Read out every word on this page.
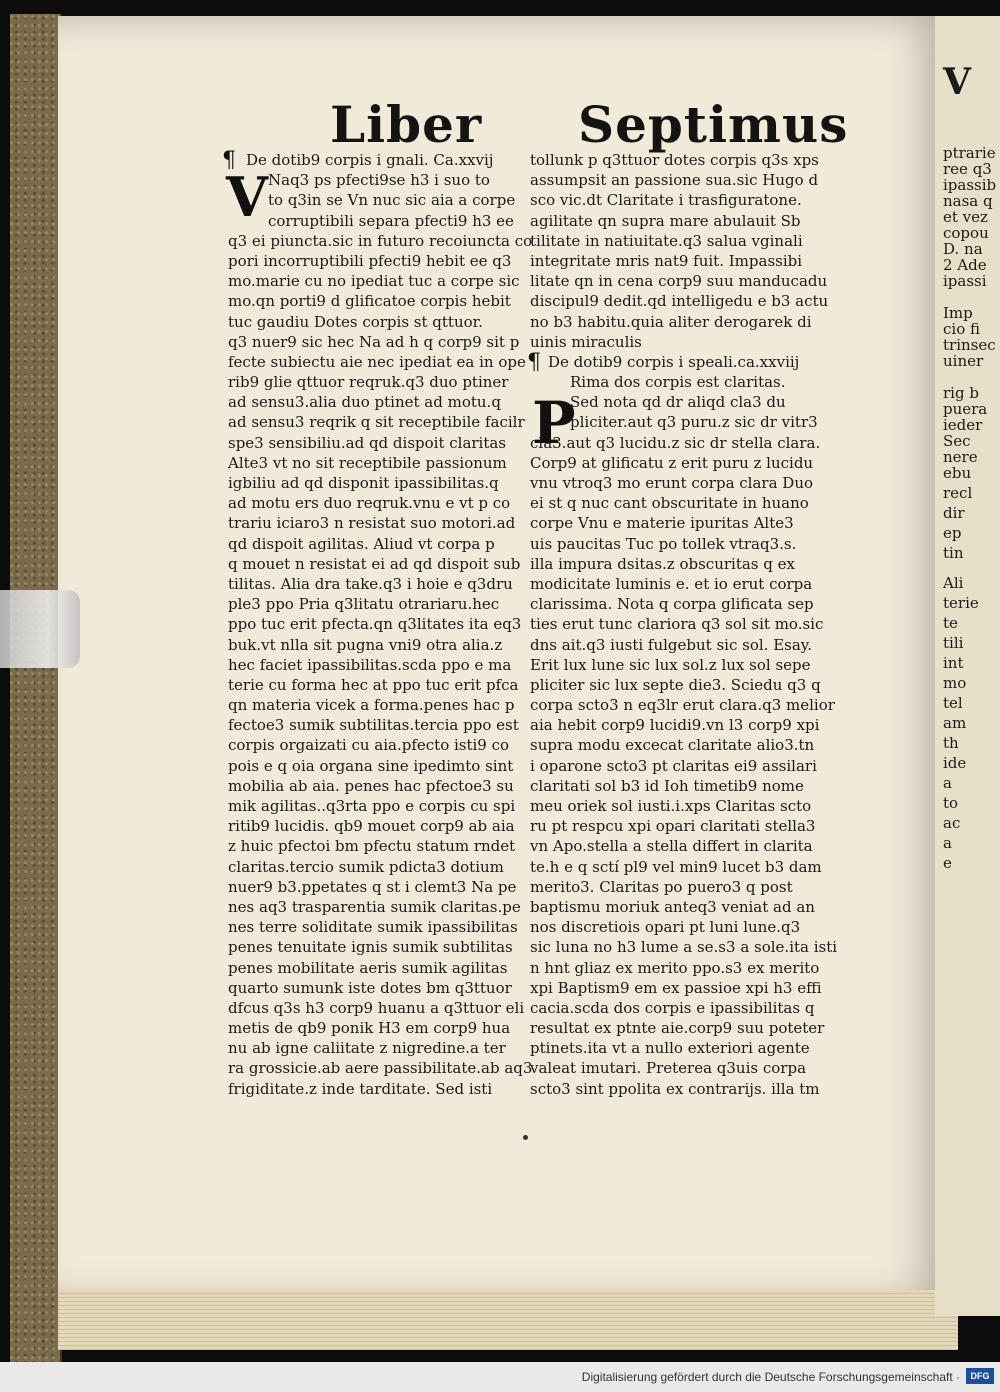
Liber Septimus
De dotib9 corpis i gnali. Ca.xxvij
Naq3 ps pfecti9se h3 i suo to
to q3in se Vn nuc sic aia a corpe
corruptibili separa pfecti9 h3 ee
q3 ei piuncta.sic in futuro recoiuncta co
pori incorruptibili pfecti9 hebit ee q3
mo.marie cu no ipediat tuc a corpe sic
mo.qn porti9 d glificatoe corpis hebit
tuc gaudiu Dotes corpis st qttuor.
q3 nuer9 sic hec Na ad h q corp9 sit p
fecte subiectu aie nec ipediat ea in ope
rib9 glie qttuor reqruk.q3 duo ptiner
ad sensu3.alia duo ptinet ad motu.q
ad sensu3 reqrik q sit receptibile facilr
spe3 sensibiliu.ad qd dispoit claritas
Alte3 vt no sit receptibile passionum
igbiliu ad qd disponit ipassibilitas.q
ad motu ers duo reqruk.vnu e vt p co
trariu iciaro3 n resistat suo motori.ad
qd dispoit agilitas. Aliud vt corpa p
q mouet n resistat ei ad qd dispoit sub
tilitas. Alia dra take.q3 i hoie e q3dru
ple3 ppo Pria q3litatu otrariaru.hec
ppo tuc erit pfecta.qn q3litates ita eq3
buk.vt nlla sit pugna vni9 otra alia.z
hec faciet ipassibilitas.scda ppo e ma
terie cu forma hec at ppo tuc erit pfca
qn materia vicek a forma.penes hac p
fectoe3 sumik subtilitas.tercia ppo est
corpis orgaizati cu aia.pfecto isti9 co
pois e q oia organa sine ipedimto sint
mobilia ab aia. penes hac pfectoe3 su
mik agilitas..q3rta ppo e corpis cu spi
ritib9 lucidis. qb9 mouet corp9 ab aia
z huic pfectoi bm pfectu statum rndet
claritas.tercio sumik pdicta3 dotium
nuer9 b3.ppetates q st i clemt3 Na pe
nes aq3 trasparentia sumik claritas.pe
nes terre soliditate sumik ipassibilitas
penes tenuitate ignis sumik subtilitas
penes mobilitate aeris sumik agilitas
quarto sumunk iste dotes bm q3ttuor
dfcus q3s h3 corp9 huanu a q3ttuor eli
metis de qb9 ponik H3 em corp9 hua
nu ab igne caliitate z nigredine.a ter
ra grossicie.ab aere passibilitate.ab aq3
frigiditate.z inde tarditate. Sed isti
tollunk p q3ttuor dotes corpis q3s xps
assumpsit an passione sua.sic Hugo d
sco vic.dt Claritate i trasfiguratone.
agilitate qn supra mare abulauit Sb
tilitate in natiuitate.q3 salua vginali
integritate mris nat9 fuit. Impassibi
litate qn in cena corp9 suu manducadu
discipul9 dedit.qd intelligedu e b3 actu
no b3 habitu.quia aliter derogarek di
uinis miraculis
De dotib9 corpis i speali.ca.xxviij
Rima dos corpis est claritas.
Sed nota qd dr aliqd cla3 du
pliciter.aut q3 puru.z sic dr vitr3
cla3.aut q3 lucidu.z sic dr stella clara.
Corp9 at glificatu z erit puru z lucidu
vnu vtroq3 mo erunt corpa clara Duo
ei st q nuc cant obscuritate in huano
corpe Vnu e materie ipuritas Alte3
uis paucitas Tuc po tollek vtraq3.s.
illa impura dsitas.z obscuritas q ex
modicitate luminis e. et io erut corpa
clarissima. Nota q corpa glificata sep
ties erut tunc clariora q3 sol sit mo.sic
dns ait.q3 iusti fulgebut sic sol. Esay.
Erit lux lune sic lux sol.z lux sol sepe
pliciter sic lux septe die3. Sciedu q3 q
corpa scto3 n eq3lr erut clara.q3 melior
aia hebit corp9 lucidi9.vn l3 corp9 xpi
supra modu excecat claritate alio3.tn
i oparone scto3 pt claritas ei9 assilari
claritati sol b3 id Ioh timetib9 nome
meu oriek sol iusti.i.xps Claritas scto
ru pt respcu xpi opari claritati stella3
vn Apo.stella a stella differt in clarita
te.h e q sctí pl9 vel min9 lucet b3 dam
merito3. Claritas po puero3 q post
baptismu moriuk anteq3 veniat ad an
nos discretiois opari pt luni lune.q3
sic luna no h3 lume a se.s3 a sole.ita isti
n hnt gliaz ex merito ppo.s3 ex merito
xpi Baptism9 em ex passioe xpi h3 effi
cacia.scda dos corpis e ipassibilitas q
resultat ex ptnte aie.corp9 suu poteter
ptinets.ita vt a nullo exteriori agente
valeat imutari. Preterea q3uis corpa
scto3 sint ppolita ex contrarijs. illa tm
V
P
¶
¶
V
ptrarie
ree q3
ipassib
nasa q
et vez
copou
D. na
2 Ade
ipassi
Imp
cio fi
trinsec
uiner
rig b
puera
ieder
Sec
nere
ebu
recl
dir
ep
tin
Ali
terie
te
tili
int
mo
tel
am
th
ide
a
to
ac
a
e
Digitalisierung gefördert durch die Deutsche Forschungsgemeinschaft ·	DFG
